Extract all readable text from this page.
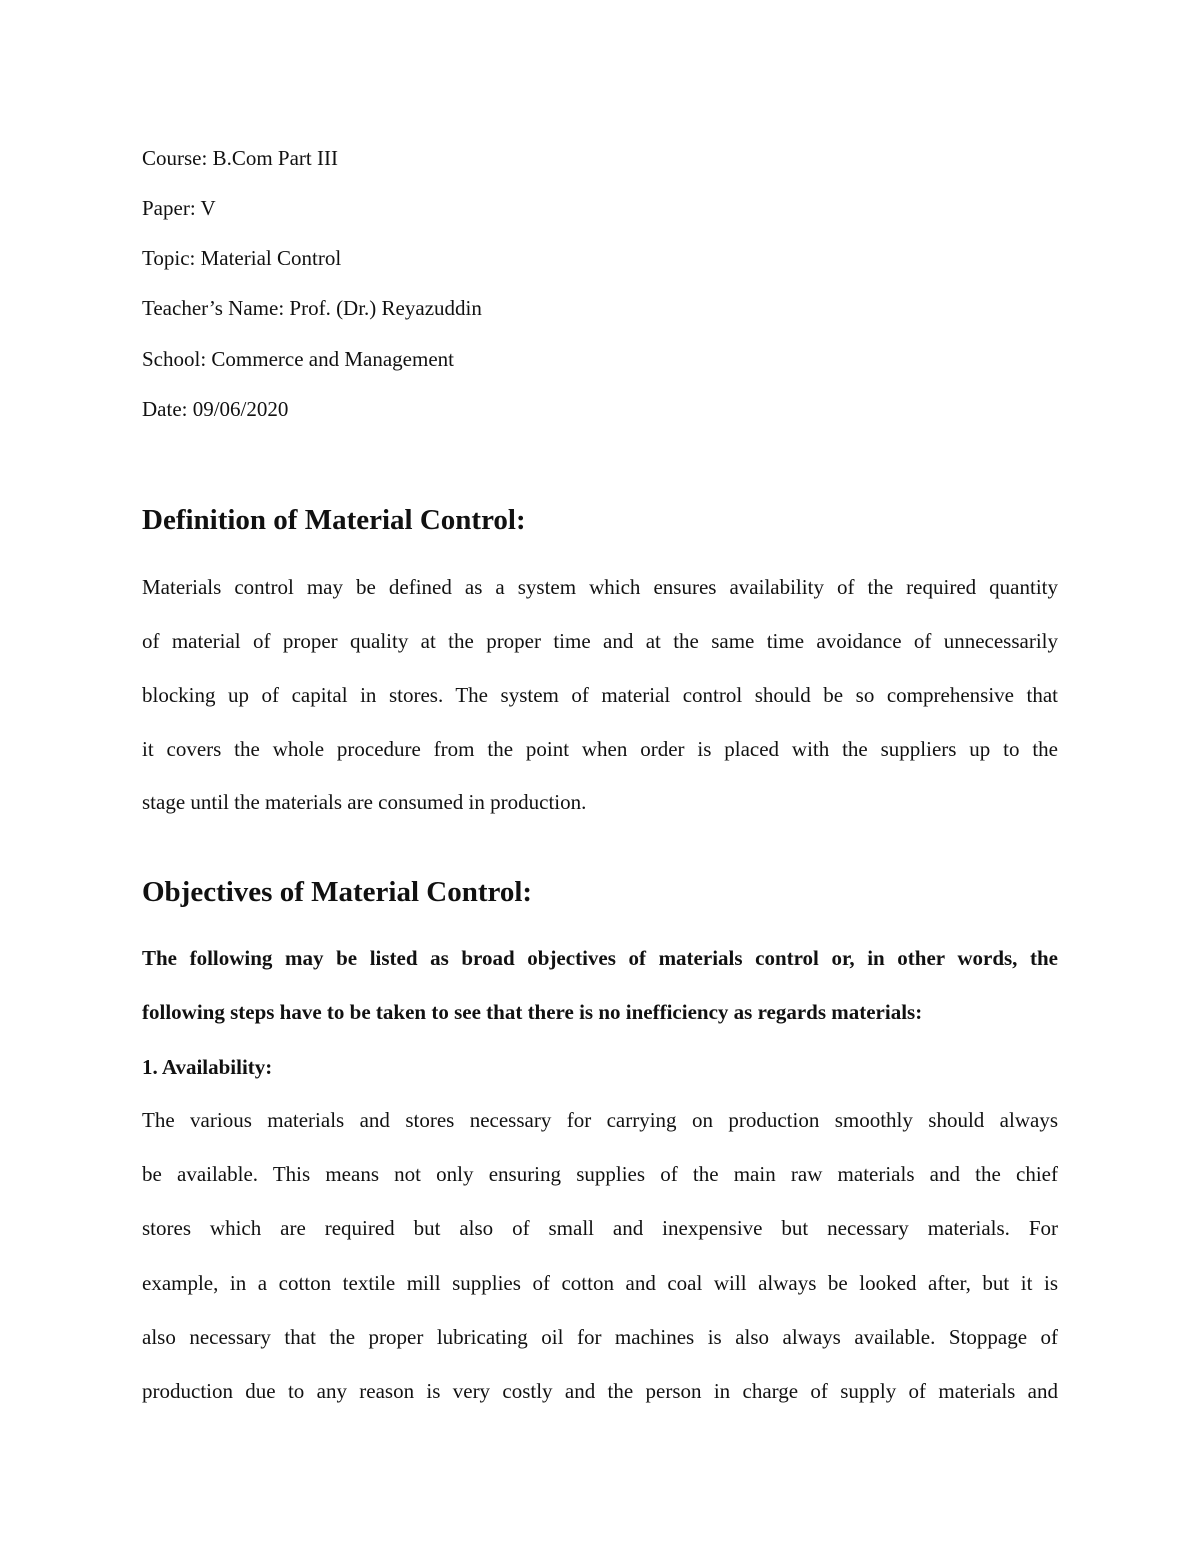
Course: B.Com Part III
Paper: V
Topic: Material Control
Teacher’s Name: Prof. (Dr.) Reyazuddin
School: Commerce and Management
Date: 09/06/2020
Definition of Material Control:
Materials control may be defined as a system which ensures availability of the required quantity
of material of proper quality at the proper time and at the same time avoidance of unnecessarily
blocking up of capital in stores. The system of material control should be so comprehensive that
it covers the whole procedure from the point when order is placed with the suppliers up to the
stage until the materials are consumed in production.
Objectives of Material Control:
The following may be listed as broad objectives of materials control or, in other words, the
following steps have to be taken to see that there is no inefficiency as regards materials:
1. Availability:
The various materials and stores necessary for carrying on production smoothly should always
be available. This means not only ensuring supplies of the main raw materials and the chief
stores which are required but also of small and inexpensive but necessary materials. For
example, in a cotton textile mill supplies of cotton and coal will always be looked after, but it is
also necessary that the proper lubricating oil for machines is also always available. Stoppage of
production due to any reason is very costly and the person in charge of supply of materials and
